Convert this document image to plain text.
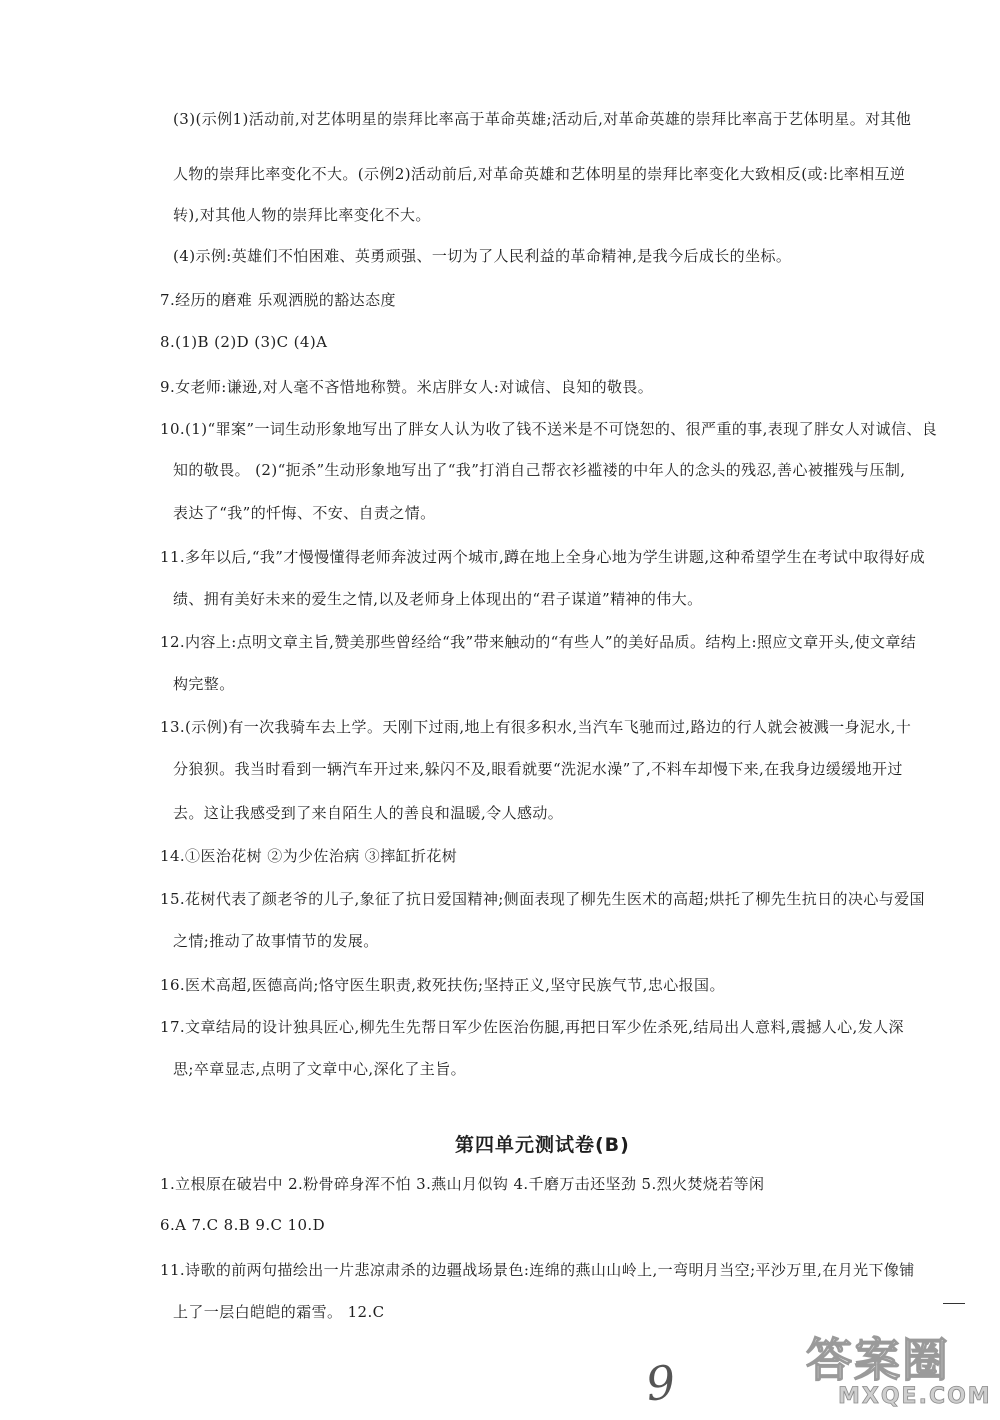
(3)(示例1)活动前,对艺体明星的崇拜比率高于革命英雄;活动后,对革命英雄的崇拜比率高于艺体明星。对其他
人物的崇拜比率变化不大。(示例2)活动前后,对革命英雄和艺体明星的崇拜比率变化大致相反(或:比率相互逆
转),对其他人物的崇拜比率变化不大。
(4)示例:英雄们不怕困难、英勇顽强、一切为了人民利益的革命精神,是我今后成长的坐标。
7.经历的磨难 乐观洒脱的豁达态度
8.(1)B (2)D (3)C (4)A
9.女老师:谦逊,对人毫不吝惜地称赞。米店胖女人:对诚信、良知的敬畏。
10.(1)“罪案”一词生动形象地写出了胖女人认为收了钱不送米是不可饶恕的、很严重的事,表现了胖女人对诚信、良
知的敬畏。 (2)“扼杀”生动形象地写出了“我”打消自己帮衣衫褴褛的中年人的念头的残忍,善心被摧残与压制,
表达了“我”的忏悔、不安、自责之情。
11.多年以后,“我”才慢慢懂得老师奔波过两个城市,蹲在地上全身心地为学生讲题,这种希望学生在考试中取得好成
绩、拥有美好未来的爱生之情,以及老师身上体现出的“君子谋道”精神的伟大。
12.内容上:点明文章主旨,赞美那些曾经给“我”带来触动的“有些人”的美好品质。结构上:照应文章开头,使文章结
构完整。
13.(示例)有一次我骑车去上学。天刚下过雨,地上有很多积水,当汽车飞驰而过,路边的行人就会被溅一身泥水,十
分狼狈。我当时看到一辆汽车开过来,躲闪不及,眼看就要“洗泥水澡”了,不料车却慢下来,在我身边缓缓地开过
去。这让我感受到了来自陌生人的善良和温暖,令人感动。
14.①医治花树 ②为少佐治病 ③摔缸折花树
15.花树代表了颜老爷的儿子,象征了抗日爱国精神;侧面表现了柳先生医术的高超;烘托了柳先生抗日的决心与爱国
之情;推动了故事情节的发展。
16.医术高超,医德高尚;恪守医生职责,救死扶伤;坚持正义,坚守民族气节,忠心报国。
17.文章结局的设计独具匠心,柳先生先帮日军少佐医治伤腿,再把日军少佐杀死,结局出人意料,震撼人心,发人深
思;卒章显志,点明了文章中心,深化了主旨。
第四单元测试卷(B)
1.立根原在破岩中 2.粉骨碎身浑不怕 3.燕山月似钩 4.千磨万击还坚劲 5.烈火焚烧若等闲
6.A 7.C 8.B 9.C 10.D
11.诗歌的前两句描绘出一片悲凉肃杀的边疆战场景色:连绵的燕山山岭上,一弯明月当空;平沙万里,在月光下像铺
上了一层白皑皑的霜雪。 12.C
9	答案圈
MXQE.COM
